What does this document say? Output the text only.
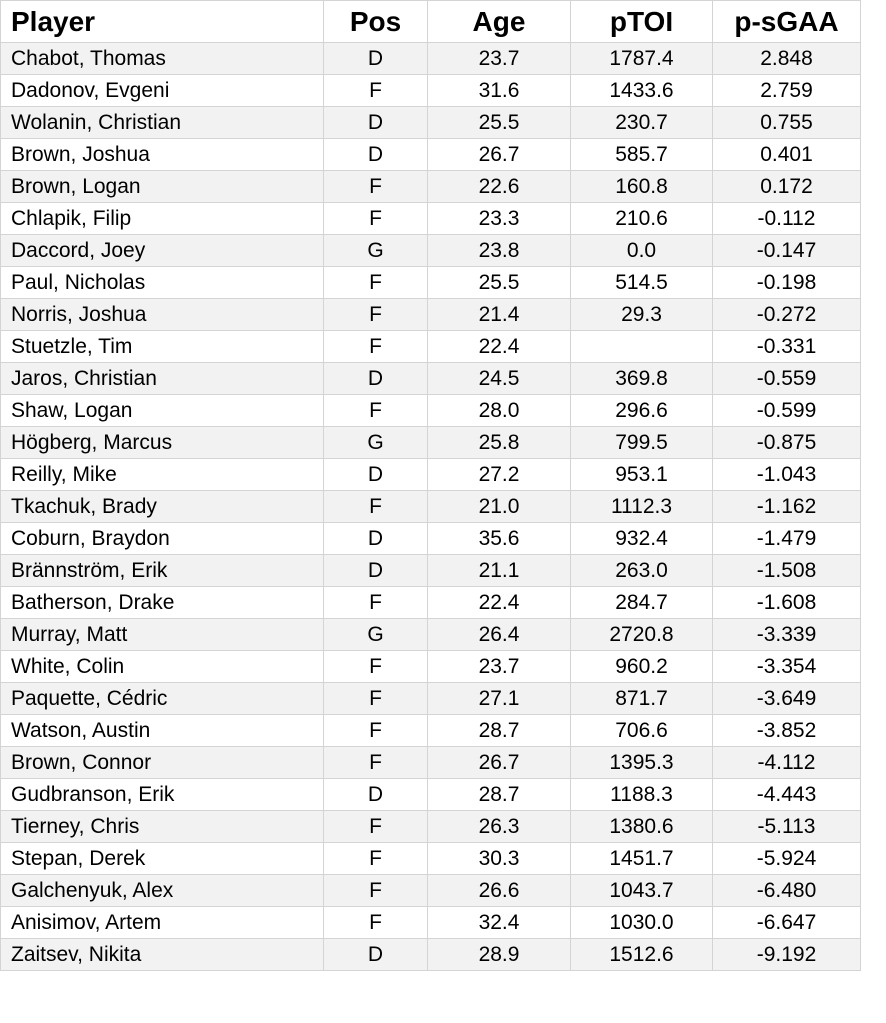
Player	Pos	Age	pTOI	p-sGAA
Chabot, Thomas	D	23.7	1787.4	2.848
Dadonov, Evgeni	F	31.6	1433.6	2.759
Wolanin, Christian	D	25.5	230.7	0.755
Brown, Joshua	D	26.7	585.7	0.401
Brown, Logan	F	22.6	160.8	0.172
Chlapik, Filip	F	23.3	210.6	-0.112
Daccord, Joey	G	23.8	0.0	-0.147
Paul, Nicholas	F	25.5	514.5	-0.198
Norris, Joshua	F	21.4	29.3	-0.272
Stuetzle, Tim	F	22.4		-0.331
Jaros, Christian	D	24.5	369.8	-0.559
Shaw, Logan	F	28.0	296.6	-0.599
Högberg, Marcus	G	25.8	799.5	-0.875
Reilly, Mike	D	27.2	953.1	-1.043
Tkachuk, Brady	F	21.0	1112.3	-1.162
Coburn, Braydon	D	35.6	932.4	-1.479
Brännström, Erik	D	21.1	263.0	-1.508
Batherson, Drake	F	22.4	284.7	-1.608
Murray, Matt	G	26.4	2720.8	-3.339
White, Colin	F	23.7	960.2	-3.354
Paquette, Cédric	F	27.1	871.7	-3.649
Watson, Austin	F	28.7	706.6	-3.852
Brown, Connor	F	26.7	1395.3	-4.112
Gudbranson, Erik	D	28.7	1188.3	-4.443
Tierney, Chris	F	26.3	1380.6	-5.113
Stepan, Derek	F	30.3	1451.7	-5.924
Galchenyuk, Alex	F	26.6	1043.7	-6.480
Anisimov, Artem	F	32.4	1030.0	-6.647
Zaitsev, Nikita	D	28.9	1512.6	-9.192
